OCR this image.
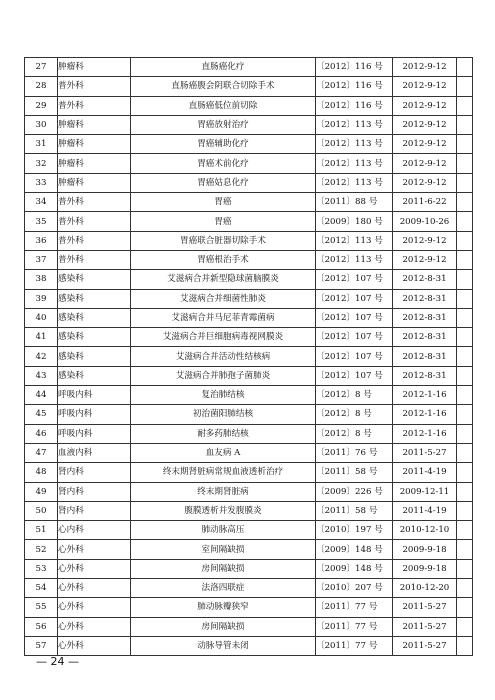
27	肿瘤科	直肠癌化疗	〔2012〕116 号	2012-9-12	
28	普外科	直肠癌腹会阴联合切除手术	〔2012〕116 号	2012-9-12	
29	普外科	直肠癌低位前切除	〔2012〕116 号	2012-9-12	
30	肿瘤科	胃癌放射治疗	〔2012〕113 号	2012-9-12	
31	肿瘤科	胃癌辅助化疗	〔2012〕113 号	2012-9-12	
32	肿瘤科	胃癌术前化疗	〔2012〕113 号	2012-9-12	
33	肿瘤科	胃癌姑息化疗	〔2012〕113 号	2012-9-12	
34	普外科	胃癌	〔2011〕88 号	2011-6-22	
35	普外科	胃癌	〔2009〕180 号	2009-10-26	
36	普外科	胃癌联合脏器切除手术	〔2012〕113 号	2012-9-12	
37	普外科	胃癌根治手术	〔2012〕113 号	2012-9-12	
38	感染科	艾滋病合并新型隐球菌脑膜炎	〔2012〕107 号	2012-8-31	
39	感染科	艾滋病合并细菌性肺炎	〔2012〕107 号	2012-8-31	
40	感染科	艾滋病合并马尼菲青霉菌病	〔2012〕107 号	2012-8-31	
41	感染科	艾滋病合并巨细胞病毒视网膜炎	〔2012〕107 号	2012-8-31	
42	感染科	艾滋病合并活动性结核病	〔2012〕107 号	2012-8-31	
43	感染科	艾滋病合并肺孢子菌肺炎	〔2012〕107 号	2012-8-31	
44	呼吸内科	复治肺结核	〔2012〕8 号	2012-1-16	
45	呼吸内科	初治菌阳肺结核	〔2012〕8 号	2012-1-16	
46	呼吸内科	耐多药肺结核	〔2012〕8 号	2012-1-16	
47	血液内科	血友病 A	〔2011〕76 号	2011-5-27	
48	肾内科	终末期肾脏病常规血液透析治疗	〔2011〕58 号	2011-4-19	
49	肾内科	终末期肾脏病	〔2009〕226 号	2009-12-11	
50	肾内科	腹膜透析并发腹膜炎	〔2011〕58 号	2011-4-19	
51	心内科	肺动脉高压	〔2010〕197 号	2010-12-10	
52	心外科	室间隔缺损	〔2009〕148 号	2009-9-18	
53	心外科	房间隔缺损	〔2009〕148 号	2009-9-18	
54	心外科	法洛四联症	〔2010〕207 号	2010-12-20	
55	心外科	肺动脉瓣狭窄	〔2011〕77 号	2011-5-27	
56	心外科	房间隔缺损	〔2011〕77 号	2011-5-27	
57	心外科	动脉导管未闭	〔2011〕77 号	2011-5-27	
— 24 —
